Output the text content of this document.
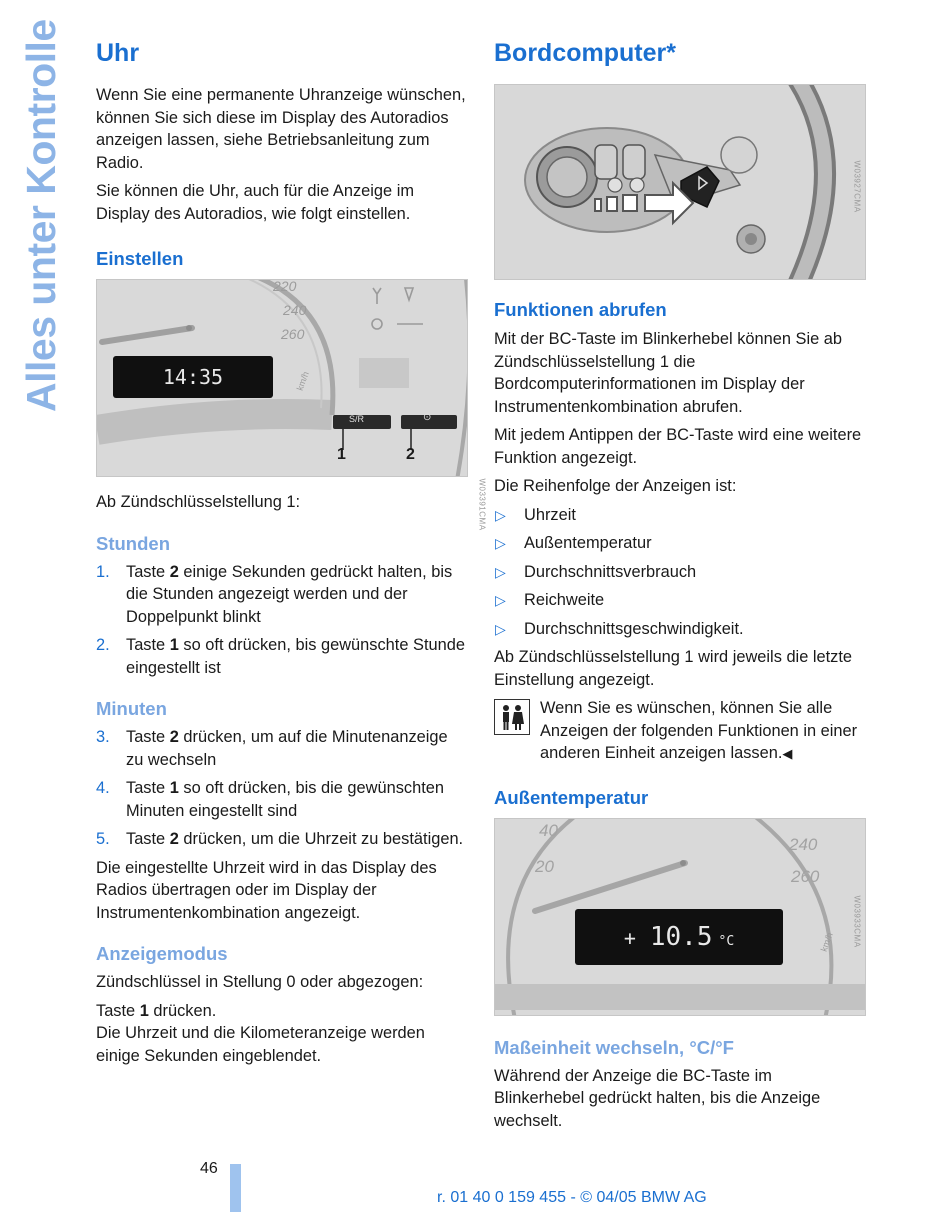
Alles unter Kontrolle Uhr

Wenn Sie eine permanente Uhranzeige wünschen, können Sie sich diese im Display des Autoradios anzeigen lassen, siehe Betriebsanleitung zum Radio.

Sie können die Uhr, auch für die Anzeige im Display des Autoradios, wie folgt einstellen.

Einstellen
220
240
260
km/h
14:35
S/R	⊙
1	2
W03391CMA

Ab Zündschlüsselstellung 1:

Stunden
1. Taste 2 einige Sekunden gedrückt halten, bis die Stunden angezeigt werden und der Doppelpunkt blinkt
2. Taste 1 so oft drücken, bis gewünschte Stunde eingestellt ist
Minuten
3. Taste 2 drücken, um auf die Minutenanzeige zu wechseln
4. Taste 1 so oft drücken, bis die gewünschten Minuten eingestellt sind
5. Taste 2 drücken, um die Uhrzeit zu bestätigen.

Die eingestellte Uhrzeit wird in das Display des Radios übertragen oder im Display der Instrumentenkombination angezeigt.

Anzeigemodus

Zündschlüssel in Stellung 0 oder abgezogen:

Taste 1 drücken.

Die Uhrzeit und die Kilometeranzeige werden einige Sekunden eingeblendet.

Bordcomputer*
W03927CMA
Funktionen abrufen

Mit der BC-Taste im Blinkerhebel können Sie ab Zündschlüsselstellung 1 die Bordcomputerinformationen im Display der Instrumentenkombination abrufen.

Mit jedem Antippen der BC-Taste wird eine weitere Funktion angezeigt.

Die Reihenfolge der Anzeigen ist:

▷ Uhrzeit
▷ Außentemperatur
▷ Durchschnittsverbrauch
▷ Reichweite
▷ Durchschnittsgeschwindigkeit.

Ab Zündschlüsselstellung 1 wird jeweils die letzte Einstellung angezeigt.

Wenn Sie es wünschen, können Sie alle Anzeigen der folgenden Funktionen in einer anderen Einheit anzeigen lassen.◀

Außentemperatur
40
20
240
260
km/h
+ 10.5 °C	W03933CMA
Maßeinheit wechseln, °C/°F

Während der Anzeige die BC-Taste im Blinkerhebel gedrückt halten, bis die Anzeige wechselt.

46
r. 01 40 0 159 455 - © 04/05 BMW AG
